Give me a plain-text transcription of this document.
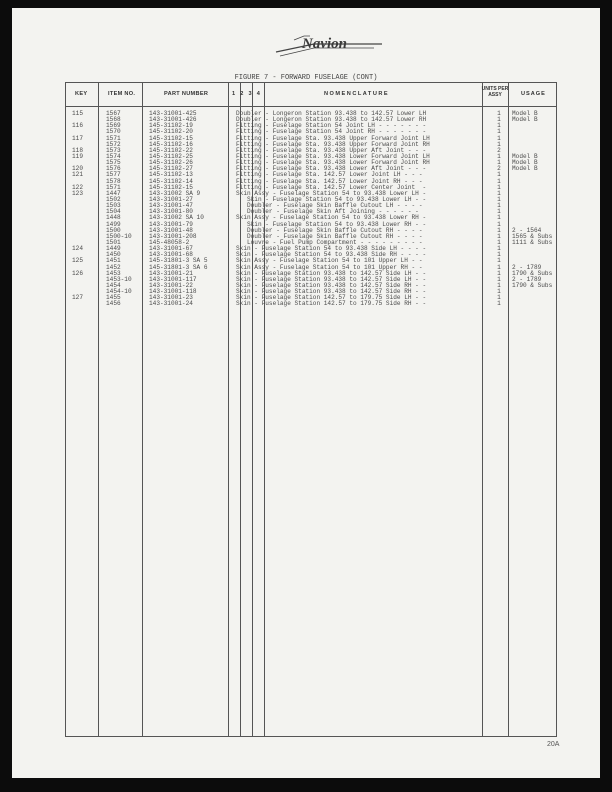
Navion
FIGURE 7 - FORWARD FUSELAGE (CONT)
KEY	ITEM NO.	PART NUMBER	1 2 3 4	NOMENCLATURE
UNITS PER ASSY	USAGE
115	1567	143-31001-425	Doubler - Longeron Station 93.438 to 142.57 Lower LH	1	Model B
1568	143-31001-426	Doubler - Longeron Station 93.438 to 142.57 Lower RH	1	Model B
116	1569	145-31102-19	Fitting - Fuselage Station 54 Joint LH - - - - - - -	1
1570	145-31102-20	Fitting - Fuselage Station 54 Joint RH - - - - - - -	1
117	1571	145-31102-15	Fitting - Fuselage Sta. 93.438 Upper Forward Joint LH	1
1572	145-31102-16	Fitting - Fuselage Sta. 93.438 Upper Forward Joint RH	1
118	1573	145-31102-22	Fitting - Fuselage Sta. 93.438 Upper Aft Joint - - -	2
119	1574	145-31102-25	Fitting - Fuselage Sta. 93.438 Lower Forward Joint LH	1	Model B
1575	145-31102-26	Fitting - Fuselage Sta. 93.438 Lower Forward Joint RH	1	Model B
120	1576	145-31102-27	Fitting - Fuselage Sta. 93.438 Lower Aft Joint - - -	2	Model B
121	1577	145-31102-13	Fitting - Fuselage Sta. 142.57 Lower Joint LH - - -	1
1578	145-31102-14	Fitting - Fuselage Sta. 142.57 Lower Joint RH - - -	1
122	1571	145-31102-15	Fitting - Fuselage Sta. 142.57 Lower Center Joint  -	1
123	1447	143-31002 SA 9	Skin Assy - Fuselage Station 54 to 93.438 Lower LH -	1
1502	143-31001-27	Skin - Fuselage Station 54 to 93.438 Lower LH - -	1
1503	143-31001-47	Doubler - Fuselage Skin Baffle Cutout LH - - - -	1
1504	143-31001-80	Doubler - Fuselage Skin Aft Joining - - - - - -	1
1448	143-31002 SA 10	Skin Assy - Fuselage Station 54 to 93.438 Lower RH -	1
1499	143-31001-79	Skin - Fuselage Station 54 to 93.438 Lower RH - -	1
1500	143-31001-48	Doubler - Fuselage Skin Baffle Cutout RH - - - -	1	2 - 1564
1500-10	143-31001-208	Doubler - Fuselage Skin Baffle Cutout RH - - - -	1	1565 & Subs
1501	145-48058-2	Louvre - Fuel Pump Compartment - - - - - - - - -	1	1111 & Subs
124	1449	143-31001-67	Skin - Fuselage Station 54 to 93.438 Side LH - - - -	1
1450	143-31001-68	Skin - Fuselage Station 54 to 93.438 Side RH - - - -	1
125	1451	145-31801-3 SA 5	Skin Assy - Fuselage Station 54 to 101 Upper LH - -	1
1452	145-31801-3 SA 6	Skin Assy - Fuselage Station 54 to 101 Upper RH - -	1	2 - 1789
126	1453	143-31001-21	Skin - Fuselage Station 93.438 to 142.57 Side LH - -	1	1790 & Subs
1453-10	143-31001-117	Skin - Fuselage Station 93.438 to 142.57 Side LH - -	1	2 - 1789
1454	143-31001-22	Skin - Fuselage Station 93.438 to 142.57 Side RH - -	1	1790 & Subs
1454-10	143-31001-118	Skin - Fuselage Station 93.438 to 142.57 Side RH - -	1
127	1455	143-31001-23	Skin - Fuselage Station 142.57 to 179.75 Side LH - -	1
1456	143-31001-24	Skin - Fuselage Station 142.57 to 179.75 Side RH - -	1
20A
